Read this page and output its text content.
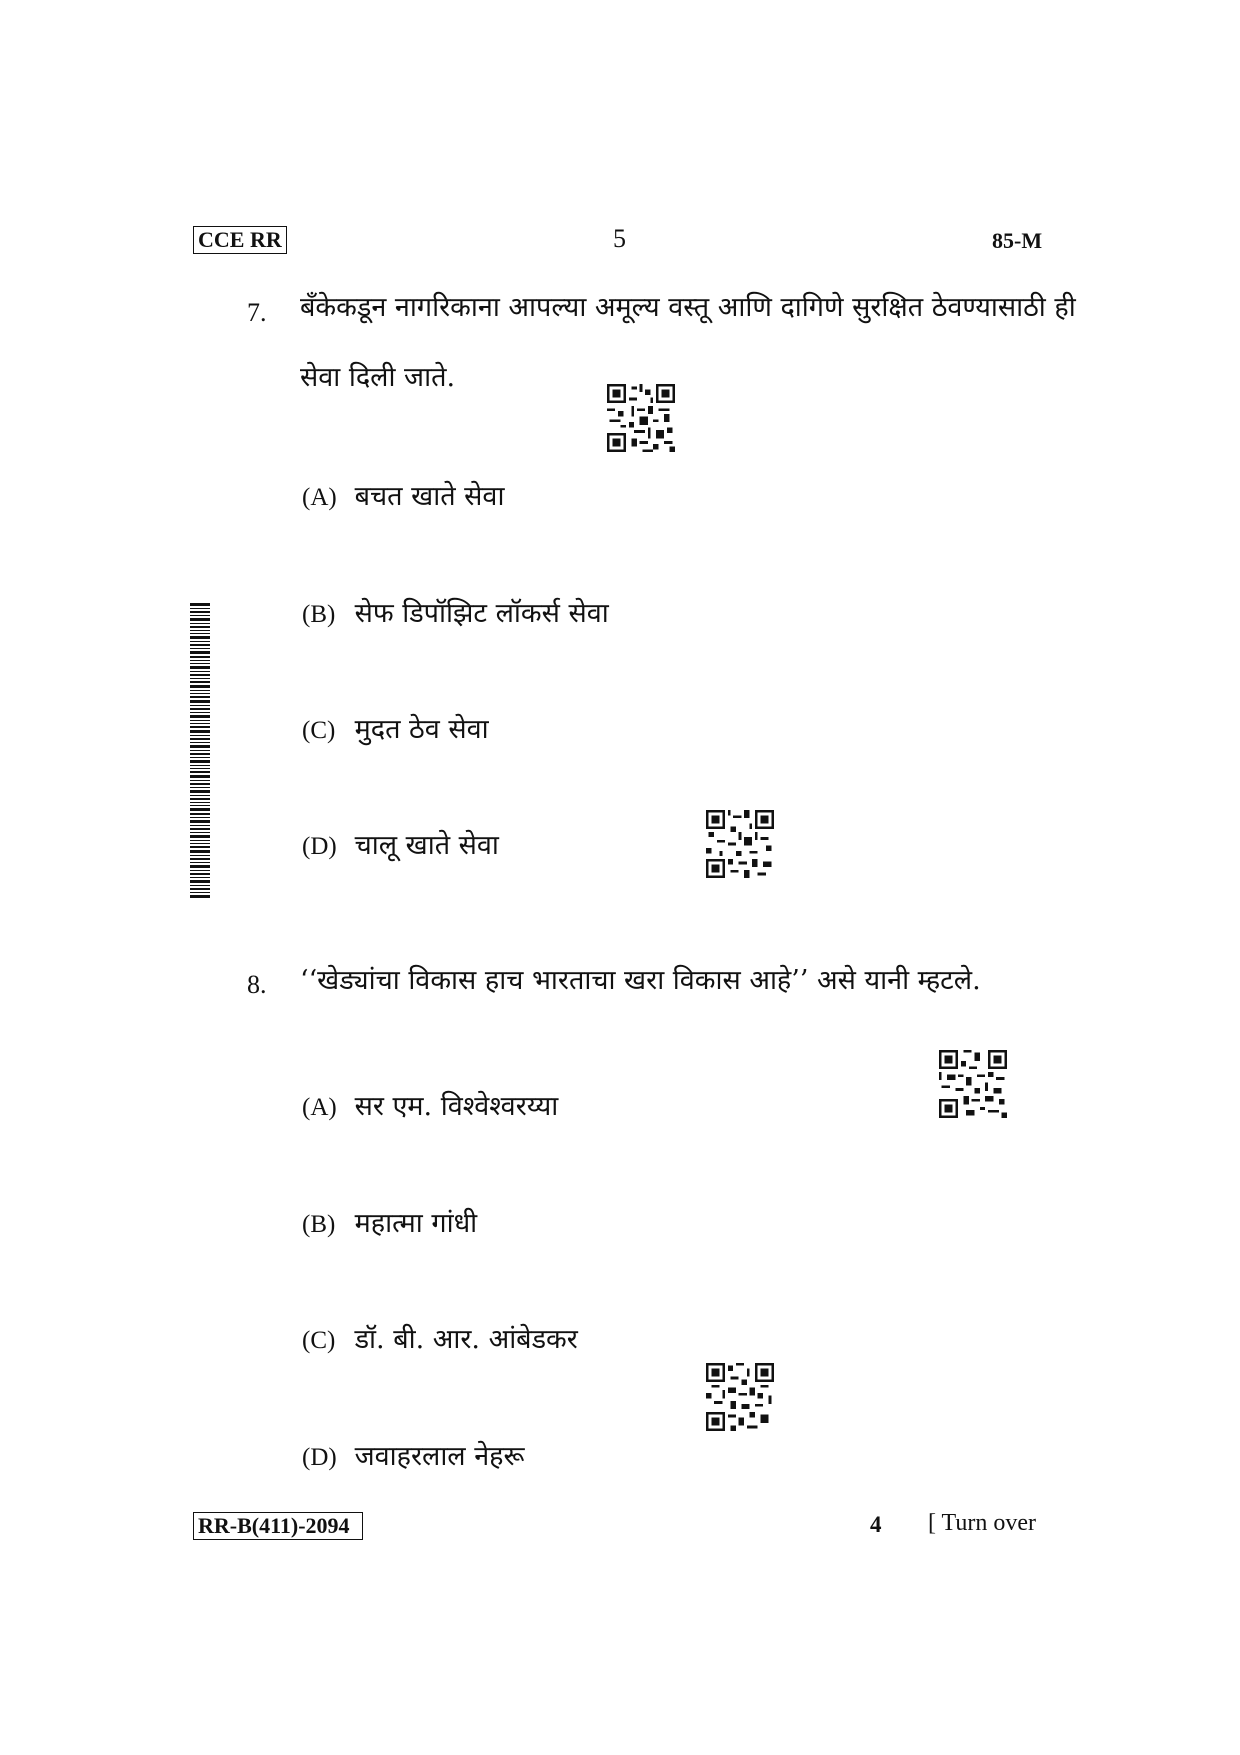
CCE RR	5	85-M
7. बँकेकडून नागरिकाना आपल्या अमूल्य वस्तू आणि दागिणे सुरक्षित ठेवण्यासाठी ही
सेवा दिली जाते.
(A) बचत खाते सेवा
(B) सेफ डिपॉझिट लॉकर्स सेवा
(C) मुदत ठेव सेवा
(D) चालू खाते सेवा
8. ‘‘खेड्यांचा विकास हाच भारताचा खरा विकास आहे’’ असे यानी म्हटले.
(A) सर एम. विश्वेश्वरय्या
(B) महात्मा गांधी
(C) डॉ. बी. आर. आंबेडकर
(D) जवाहरलाल नेहरू
RR-B(411)-2094	4 [ Turn over
